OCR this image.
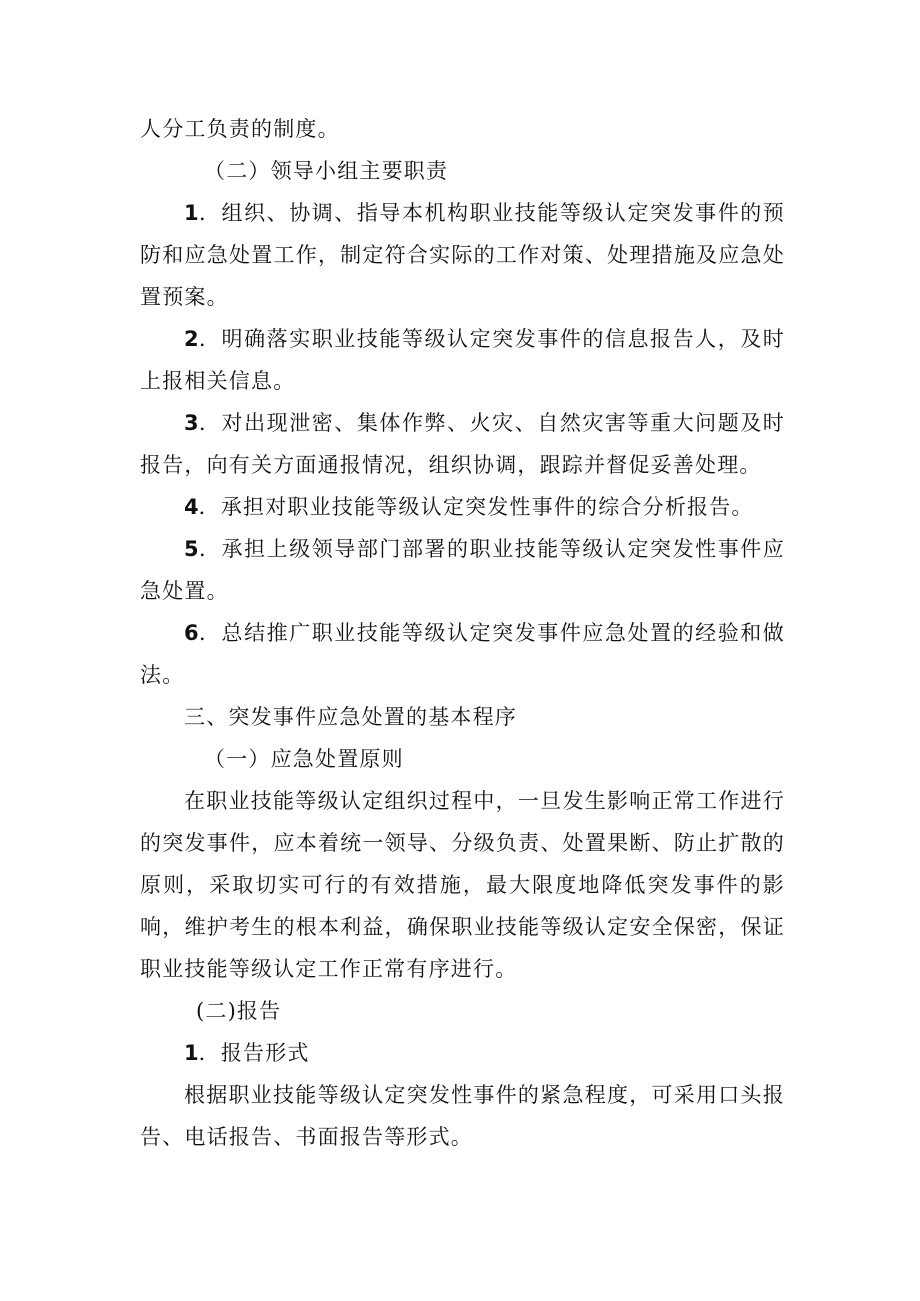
人分工负责的制度。

（二）领导小组主要职责

1．组织、协调、指导本机构职业技能等级认定突发事件的预防和应急处置工作，制定符合实际的工作对策、处理措施及应急处置预案。

2．明确落实职业技能等级认定突发事件的信息报告人，及时上报相关信息。

3．对出现泄密、集体作弊、火灾、自然灾害等重大问题及时报告，向有关方面通报情况，组织协调，跟踪并督促妥善处理。

4．承担对职业技能等级认定突发性事件的综合分析报告。

5．承担上级领导部门部署的职业技能等级认定突发性事件应急处置。

6．总结推广职业技能等级认定突发事件应急处置的经验和做法。

三、突发事件应急处置的基本程序

（一）应急处置原则

在职业技能等级认定组织过程中，一旦发生影响正常工作进行的突发事件，应本着统一领导、分级负责、处置果断、防止扩散的原则，采取切实可行的有效措施，最大限度地降低突发事件的影响，维护考生的根本利益，确保职业技能等级认定安全保密，保证职业技能等级认定工作正常有序进行。

(二)报告

1．报告形式

根据职业技能等级认定突发性事件的紧急程度，可采用口头报告、电话报告、书面报告等形式。
